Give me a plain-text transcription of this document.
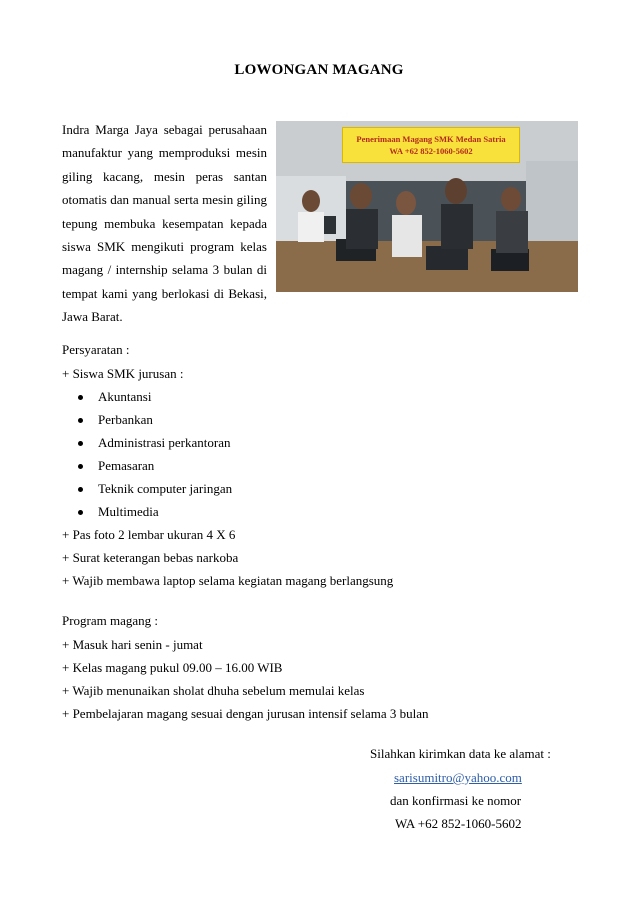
LOWONGAN MAGANG
Indra Marga Jaya sebagai perusahaan
manufaktur yang memproduksi mesin
giling kacang, mesin peras santan
otomatis dan manual serta mesin giling
tepung membuka kesempatan kepada
siswa SMK mengikuti program kelas
magang / internship selama 3 bulan di
tempat kami yang berlokasi di Bekasi,
Jawa Barat.
Penerimaan Magang SMK Medan Satria
WA +62 852-1060-5602
Persyaratan :
+ Siswa SMK jurusan :
Akuntansi
Perbankan
Administrasi perkantoran
Pemasaran
Teknik computer jaringan
Multimedia
+ Pas foto 2 lembar ukuran 4 X 6
+ Surat keterangan bebas narkoba
+ Wajib membawa laptop selama kegiatan magang berlangsung
Program magang :
+ Masuk hari senin - jumat
+ Kelas magang pukul 09.00 – 16.00 WIB
+ Wajib menunaikan sholat dhuha sebelum memulai kelas
+ Pembelajaran magang sesuai dengan jurusan intensif selama 3 bulan
Silahkan kirimkan data ke alamat :
sarisumitro@yahoo.com
dan konfirmasi ke nomor
WA +62 852-1060-5602
